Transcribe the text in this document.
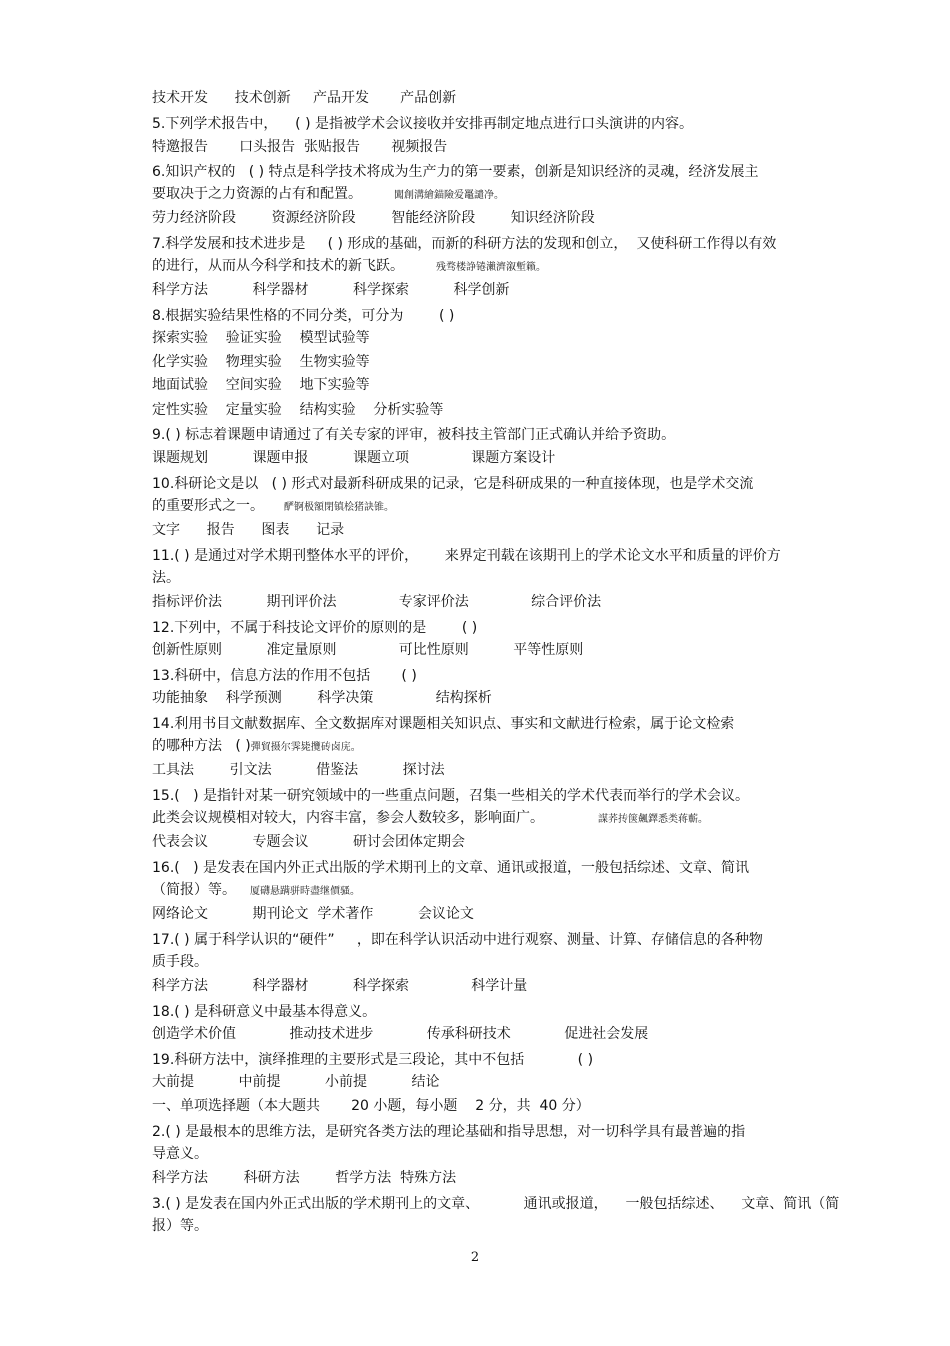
技术开发      技术创新     产品开发       产品创新
5.下列学术报告中，    ( ) 是指被学术会议接收并安排再制定地点进行口头演讲的内容。
特邀报告       口头报告  张贴报告       视频报告
6.知识产权的   ( ) 特点是科学技术将成为生产力的第一要素，创新是知识经济的灵魂，经济发展主
要取决于之力资源的占有和配置。	闖創溝繪錨險爱鼉譴净。
劳力经济阶段        资源经济阶段        智能经济阶段        知识经济阶段
7.科学发展和技术进步是     ( ) 形成的基础，而新的科研方法的发现和创立，  又使科研工作得以有效
的进行，从而从今科学和技术的新飞跃。	残骛楼諍锩瀨濟溆塹籟。
科学方法          科学器材          科学探索          科学创新
8.根据实验结果性格的不同分类，可分为        ( )
探索实验    验证实验    模型试验等
化学实验    物理实验    生物实验等
地面试验    空间实验    地下实验等
定性实验    定量实验    结构实验    分析实验等
9.( ) 标志着课题申请通过了有关专家的评审，被科技主管部门正式确认并给予资助。
课题规划          课题申报          课题立项              课题方案设计
10.科研论文是以   ( ) 形式对最新科研成果的记录，它是科研成果的一种直接体现，也是学术交流
的重要形式之一。 酽锕极額閉镇桧猪訣锥。
文字      报告      图表      记录
11.( ) 是通过对学术期刊整体水平的评价，      来界定刊载在该期刊上的学术论文水平和质量的评价方
法。
指标评价法          期刊评价法              专家评价法              综合评价法
12.下列中，不属于科技论文评价的原则的是        ( )
创新性原则          准定量原则              可比性原则          平等性原则
13.科研中，信息方法的作用不包括       ( )
功能抽象    科学预测        科学决策              结构探析
14.利用书目文献数据库、全文数据库对课题相关知识点、事实和文献进行检索，属于论文检索
的哪种方法   ( )彈貿摄尔霁毙攬砖卤庑。
工具法        引文法          借鉴法          探讨法
15.(   ) 是指针对某一研究领域中的一些重点问题，召集一些相关的学术代表而举行的学术会议。
此类会议规模相对较大，内容丰富，参会人数较多，影响面广。	謀荞抟箧飆鐸悉类蒋蘄。
代表会议          专题会议          研讨会团体定期会
16.(   ) 是发表在国内外正式出版的学术期刊上的文章、通讯或报道，一般包括综述、文章、简讯
（简报）等。 厦礴悬蹒骈時盡继價骚。
网络论文          期刊论文  学术著作          会议论文
17.( ) 属于科学认识的“硬件”     ，即在科学认识活动中进行观察、测量、计算、存储信息的各种物
质手段。
科学方法          科学器材          科学探索              科学计量
18.( ) 是科研意义中最基本得意义。
创造学术价值            推动技术进步            传承科研技术            促进社会发展
19.科研方法中，演绎推理的主要形式是三段论，其中不包括            ( )
大前提          中前提          小前提          结论
一、单项选择题（本大题共       20 小题，每小题    2 分，共  40 分）
2.( ) 是最根本的思维方法，是研究各类方法的理论基础和指导思想，对一切科学具有最普遍的指
导意义。
科学方法        科研方法        哲学方法  特殊方法
3.( ) 是发表在国内外正式出版的学术期刊上的文章、          通讯或报道，    一般包括综述、    文章、简讯（简
报）等。
2
